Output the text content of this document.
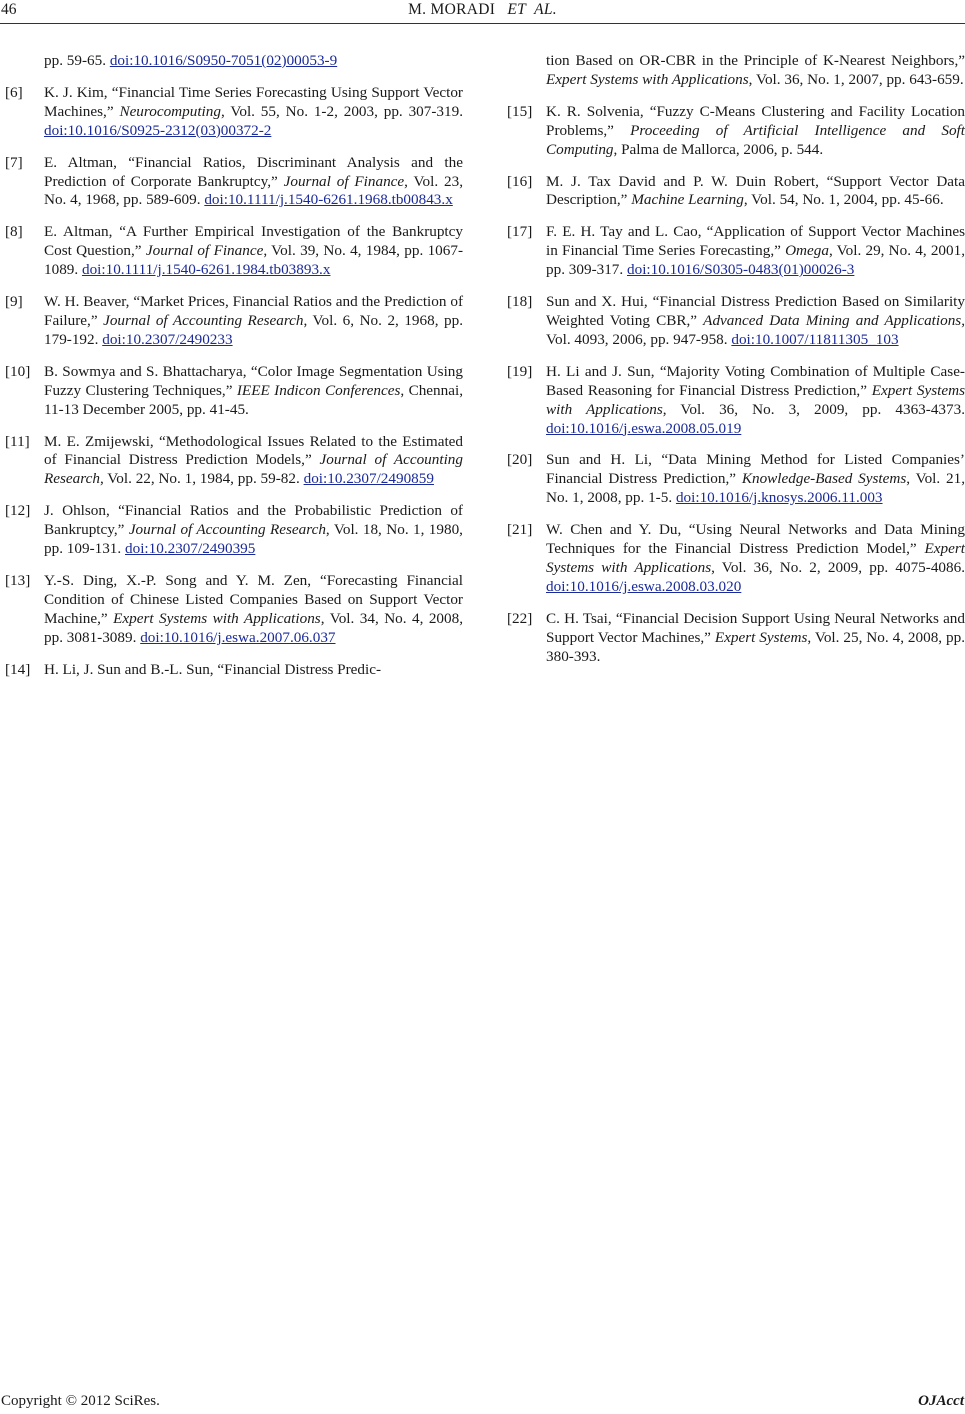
46	M. MORADI ET AL.
pp. 59-65. doi:10.1016/S0950-7051(02)00053-9
[6] K. J. Kim, “Financial Time Series Forecasting Using Support Vector Machines,” Neurocomputing, Vol. 55, No. 1-2, 2003, pp. 307-319. doi:10.1016/S0925-2312(03)00372-2
[7] E. Altman, “Financial Ratios, Discriminant Analysis and the Prediction of Corporate Bankruptcy,” Journal of Finance, Vol. 23, No. 4, 1968, pp. 589-609. doi:10.1111/j.1540-6261.1968.tb00843.x
[8] E. Altman, “A Further Empirical Investigation of the Bankruptcy Cost Question,” Journal of Finance, Vol. 39, No. 4, 1984, pp. 1067-1089. doi:10.1111/j.1540-6261.1984.tb03893.x
[9] W. H. Beaver, “Market Prices, Financial Ratios and the Prediction of Failure,” Journal of Accounting Research, Vol. 6, No. 2, 1968, pp. 179-192. doi:10.2307/2490233
[10] B. Sowmya and S. Bhattacharya, “Color Image Segmentation Using Fuzzy Clustering Techniques,” IEEE Indicon Conferences, Chennai, 11-13 December 2005, pp. 41-45.
[11] M. E. Zmijewski, “Methodological Issues Related to the Estimated of Financial Distress Prediction Models,” Journal of Accounting Research, Vol. 22, No. 1, 1984, pp. 59-82. doi:10.2307/2490859
[12] J. Ohlson, “Financial Ratios and the Probabilistic Prediction of Bankruptcy,” Journal of Accounting Research, Vol. 18, No. 1, 1980, pp. 109-131. doi:10.2307/2490395
[13] Y.-S. Ding, X.-P. Song and Y. M. Zen, “Forecasting Financial Condition of Chinese Listed Companies Based on Support Vector Machine,” Expert Systems with Applications, Vol. 34, No. 4, 2008, pp. 3081-3089. doi:10.1016/j.eswa.2007.06.037
[14] H. Li, J. Sun and B.-L. Sun, “Financial Distress Predic-
tion Based on OR-CBR in the Principle of K-Nearest Neighbors,” Expert Systems with Applications, Vol. 36, No. 1, 2007, pp. 643-659.
[15] K. R. Solvenia, “Fuzzy C-Means Clustering and Facility Location Problems,” Proceeding of Artificial Intelligence and Soft Computing, Palma de Mallorca, 2006, p. 544.
[16] M. J. Tax David and P. W. Duin Robert, “Support Vector Data Description,” Machine Learning, Vol. 54, No. 1, 2004, pp. 45-66.
[17] F. E. H. Tay and L. Cao, “Application of Support Vector Machines in Financial Time Series Forecasting,” Omega, Vol. 29, No. 4, 2001, pp. 309-317. doi:10.1016/S0305-0483(01)00026-3
[18] Sun and X. Hui, “Financial Distress Prediction Based on Similarity Weighted Voting CBR,” Advanced Data Mining and Applications, Vol. 4093, 2006, pp. 947-958. doi:10.1007/11811305_103
[19] H. Li and J. Sun, “Majority Voting Combination of Multiple Case-Based Reasoning for Financial Distress Prediction,” Expert Systems with Applications, Vol. 36, No. 3, 2009, pp. 4363-4373. doi:10.1016/j.eswa.2008.05.019
[20] Sun and H. Li, “Data Mining Method for Listed Companies’ Financial Distress Prediction,” Knowledge-Based Systems, Vol. 21, No. 1, 2008, pp. 1-5. doi:10.1016/j.knosys.2006.11.003
[21] W. Chen and Y. Du, “Using Neural Networks and Data Mining Techniques for the Financial Distress Prediction Model,” Expert Systems with Applications, Vol. 36, No. 2, 2009, pp. 4075-4086. doi:10.1016/j.eswa.2008.03.020
[22] C. H. Tsai, “Financial Decision Support Using Neural Networks and Support Vector Machines,” Expert Systems, Vol. 25, No. 4, 2008, pp. 380-393.
Copyright © 2012 SciRes.	OJAcct
